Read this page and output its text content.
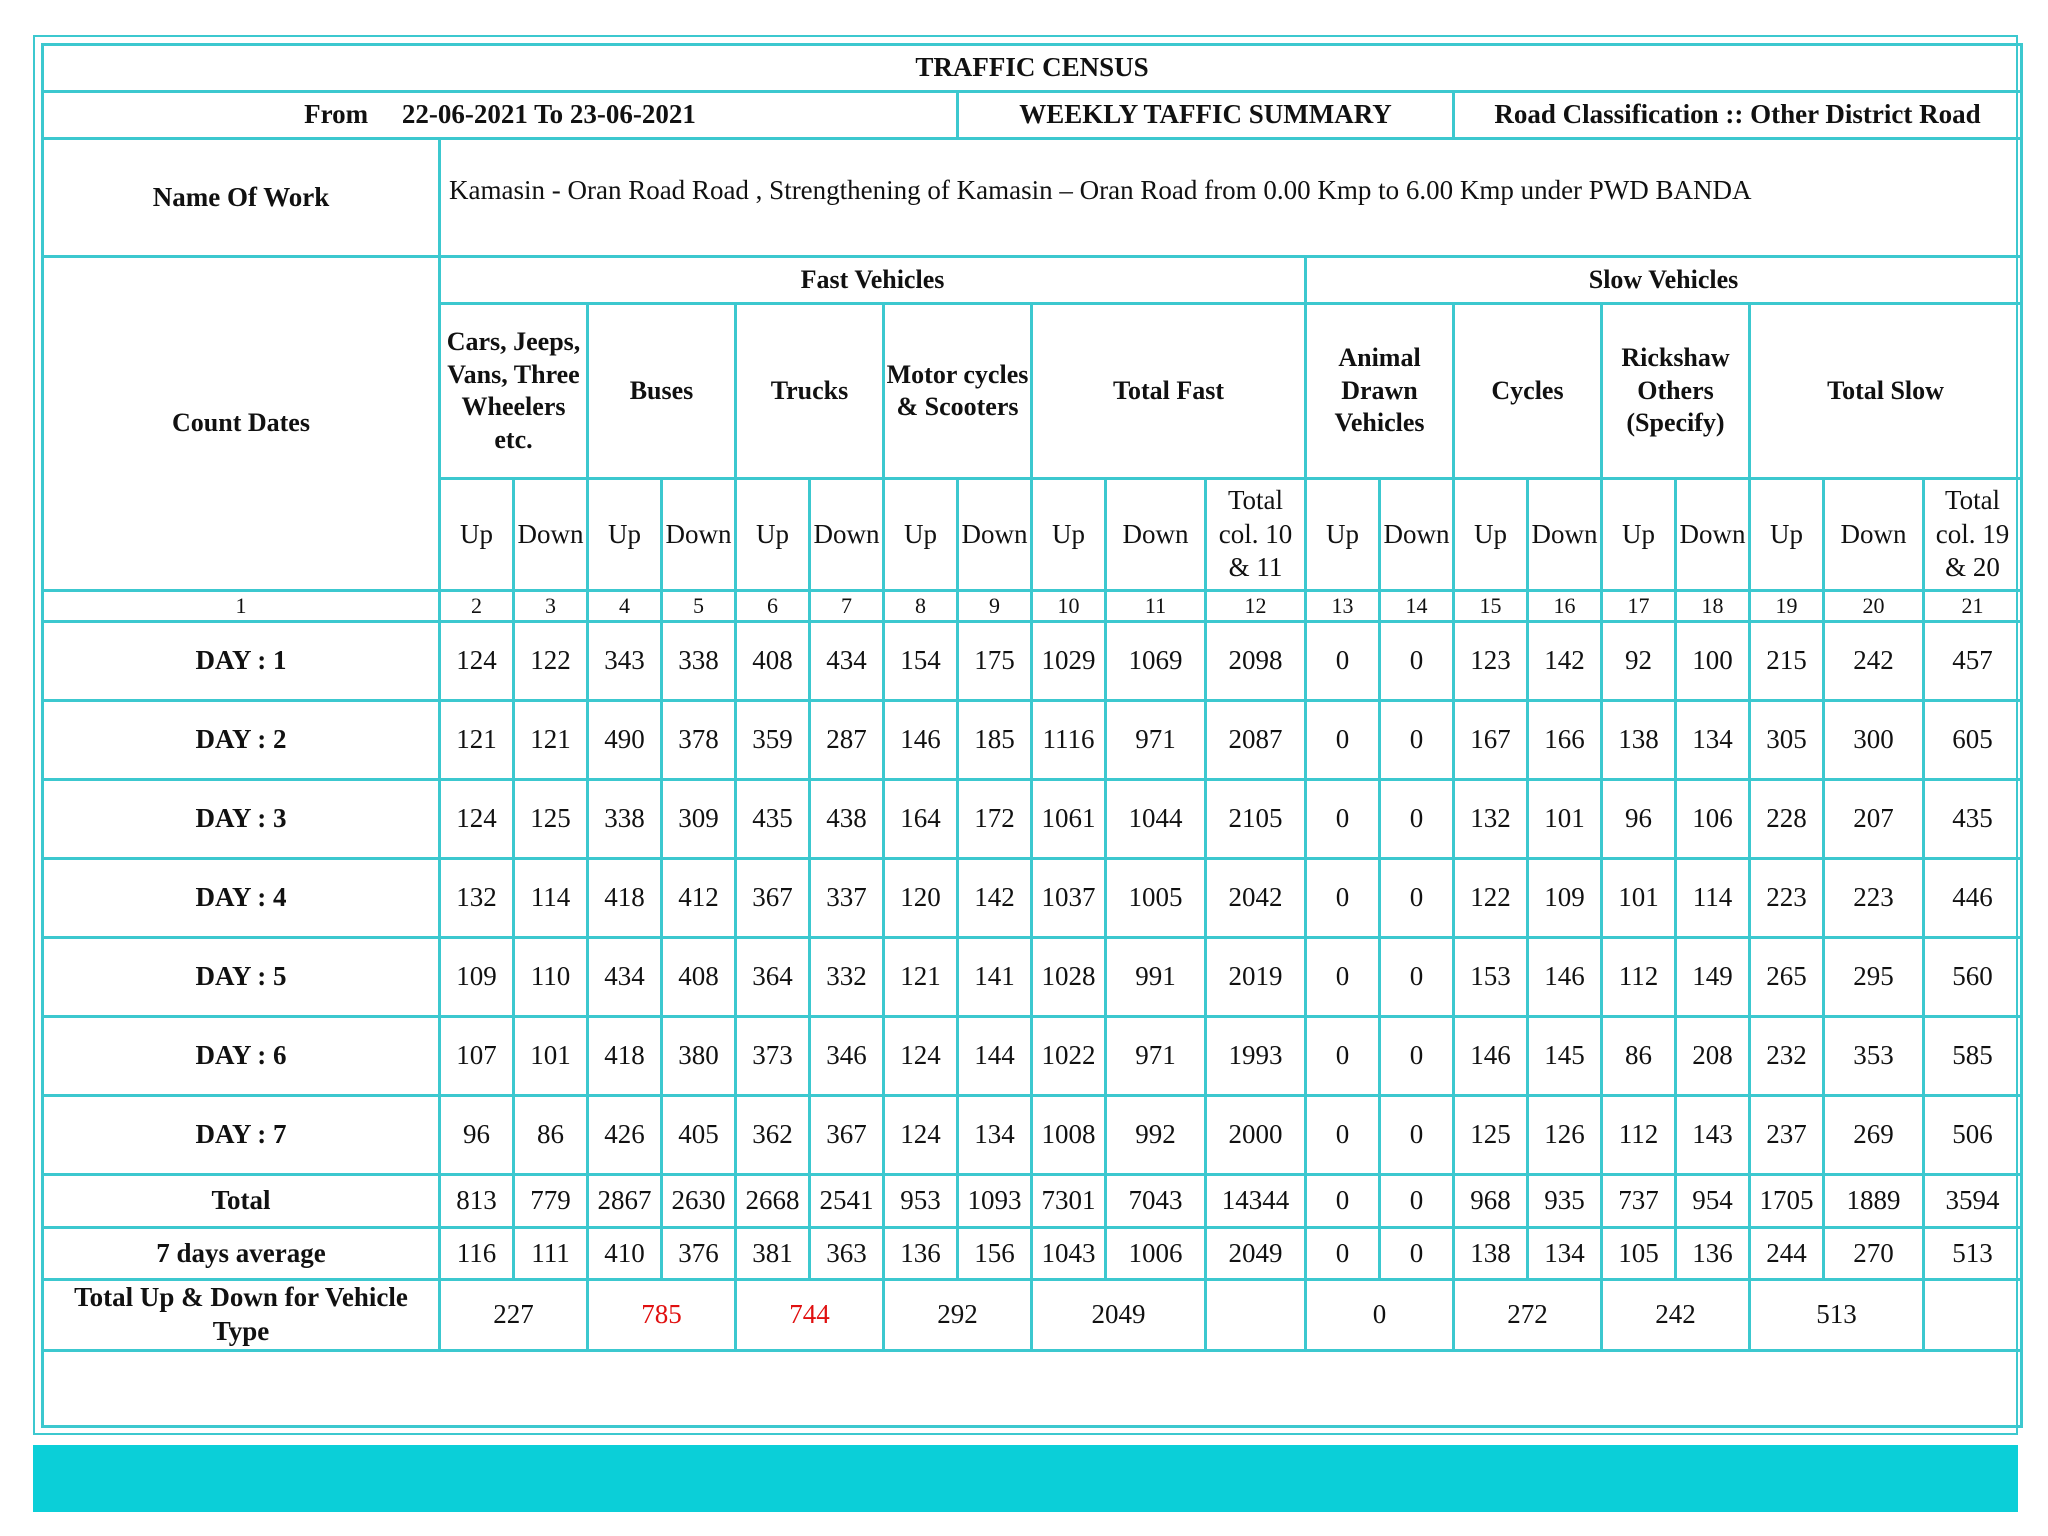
TRAFFIC CENSUS																				
From 22-06-2021 To 23-06-2021								WEEKLY TAFFIC SUMMARY						Road Classification :: Other District Road						
Name Of Work	Kamasin - Oran Road Road , Strengthening of Kamasin – Oran Road from 0.00 Kmp to 6.00 Kmp under PWD BANDA																			
Count Dates	Fast Vehicles											Slow Vehicles								
	Cars, Jeeps, Vans, Three Wheelers etc.		Buses		Trucks		Motor cycles & Scooters		Total Fast			Animal Drawn Vehicles		Cycles		Rickshaw Others (Specify)		Total Slow		
	Up	Down	Up	Down	Up	Down	Up	Down	Up	Down	Total col. 10 & 11	Up	Down	Up	Down	Up	Down	Up	Down	Total col. 19 & 20
1	2	3	4	5	6	7	8	9	10	11	12	13	14	15	16	17	18	19	20	21
DAY : 1	124	122	343	338	408	434	154	175	1029	1069	2098	0	0	123	142	92	100	215	242	457
DAY : 2	121	121	490	378	359	287	146	185	1116	971	2087	0	0	167	166	138	134	305	300	605
DAY : 3	124	125	338	309	435	438	164	172	1061	1044	2105	0	0	132	101	96	106	228	207	435
DAY : 4	132	114	418	412	367	337	120	142	1037	1005	2042	0	0	122	109	101	114	223	223	446
DAY : 5	109	110	434	408	364	332	121	141	1028	991	2019	0	0	153	146	112	149	265	295	560
DAY : 6	107	101	418	380	373	346	124	144	1022	971	1993	0	0	146	145	86	208	232	353	585
DAY : 7	96	86	426	405	362	367	124	134	1008	992	2000	0	0	125	126	112	143	237	269	506
Total	813	779	2867	2630	2668	2541	953	1093	7301	7043	14344	0	0	968	935	737	954	1705	1889	3594
7 days average	116	111	410	376	381	363	136	156	1043	1006	2049	0	0	138	134	105	136	244	270	513
Total Up & Down for Vehicle Type	227		785		744		292		2049			0		272		242		513		
